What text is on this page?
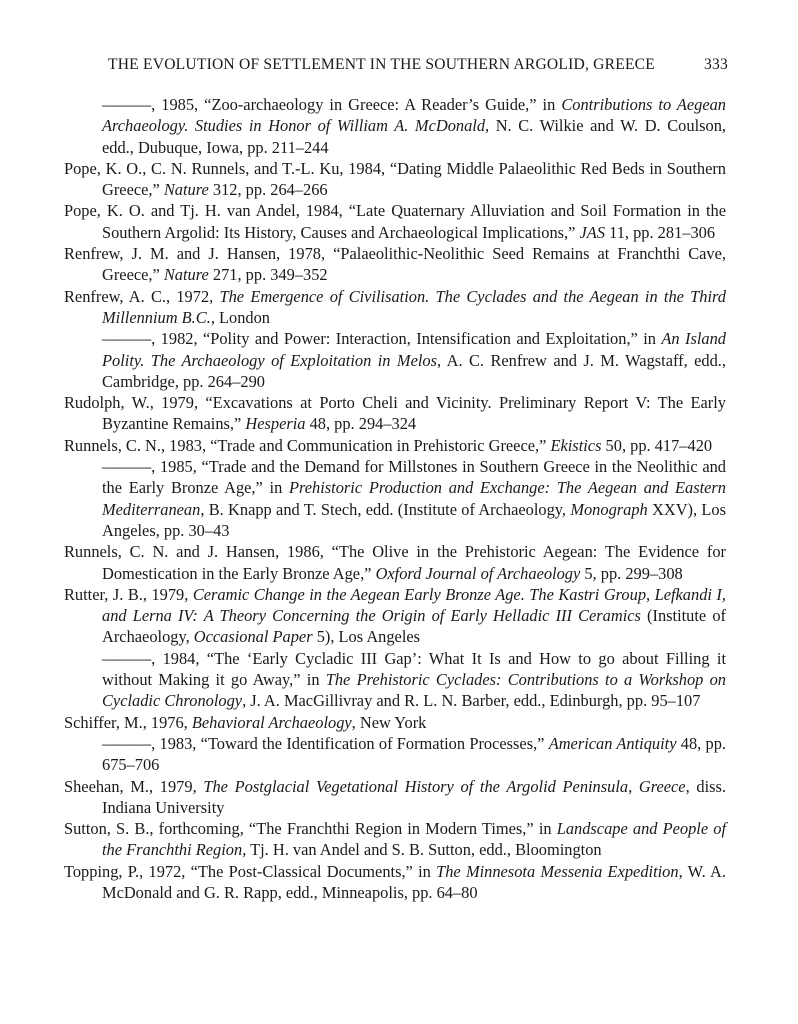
THE EVOLUTION OF SETTLEMENT IN THE SOUTHERN ARGOLID, GREECE	333

———, 1985, “Zoo-archaeology in Greece: A Reader’s Guide,” in Contributions to Aegean Archaeology. Studies in Honor of William A. McDonald, N. C. Wilkie and W. D. Coulson, edd., Dubuque, Iowa, pp. 211–244

Pope, K. O., C. N. Runnels, and T.-L. Ku, 1984, “Dating Middle Palaeolithic Red Beds in Southern Greece,” Nature 312, pp. 264–266

Pope, K. O. and Tj. H. van Andel, 1984, “Late Quaternary Alluviation and Soil Formation in the Southern Argolid: Its History, Causes and Archaeological Implications,” JAS 11, pp. 281–306

Renfrew, J. M. and J. Hansen, 1978, “Palaeolithic-Neolithic Seed Remains at Franchthi Cave, Greece,” Nature 271, pp. 349–352

Renfrew, A. C., 1972, The Emergence of Civilisation. The Cyclades and the Aegean in the Third Millennium B.C., London

———, 1982, “Polity and Power: Interaction, Intensification and Exploitation,” in An Island Polity. The Archaeology of Exploitation in Melos, A. C. Renfrew and J. M. Wagstaff, edd., Cambridge, pp. 264–290

Rudolph, W., 1979, “Excavations at Porto Cheli and Vicinity. Preliminary Report V: The Early Byzantine Remains,” Hesperia 48, pp. 294–324

Runnels, C. N., 1983, “Trade and Communication in Prehistoric Greece,” Ekistics 50, pp. 417–420

———, 1985, “Trade and the Demand for Millstones in Southern Greece in the Neolithic and the Early Bronze Age,” in Prehistoric Production and Exchange: The Aegean and Eastern Mediterranean, B. Knapp and T. Stech, edd. (Institute of Archaeology, Monograph XXV), Los Angeles, pp. 30–43

Runnels, C. N. and J. Hansen, 1986, “The Olive in the Prehistoric Aegean: The Evidence for Domestication in the Early Bronze Age,” Oxford Journal of Archaeology 5, pp. 299–308

Rutter, J. B., 1979, Ceramic Change in the Aegean Early Bronze Age. The Kastri Group, Lefkandi I, and Lerna IV: A Theory Concerning the Origin of Early Helladic III Ceramics (Institute of Archaeology, Occasional Paper 5), Los Angeles

———, 1984, “The ‘Early Cycladic III Gap’: What It Is and How to go about Filling it without Making it go Away,” in The Prehistoric Cyclades: Contributions to a Workshop on Cycladic Chronology, J. A. MacGillivray and R. L. N. Barber, edd., Edinburgh, pp. 95–107

Schiffer, M., 1976, Behavioral Archaeology, New York

———, 1983, “Toward the Identification of Formation Processes,” American Antiquity 48, pp. 675–706

Sheehan, M., 1979, The Postglacial Vegetational History of the Argolid Peninsula, Greece, diss. Indiana University

Sutton, S. B., forthcoming, “The Franchthi Region in Modern Times,” in Landscape and People of the Franchthi Region, Tj. H. van Andel and S. B. Sutton, edd., Bloomington

Topping, P., 1972, “The Post-Classical Documents,” in The Minnesota Messenia Expedition, W. A. McDonald and G. R. Rapp, edd., Minneapolis, pp. 64–80
